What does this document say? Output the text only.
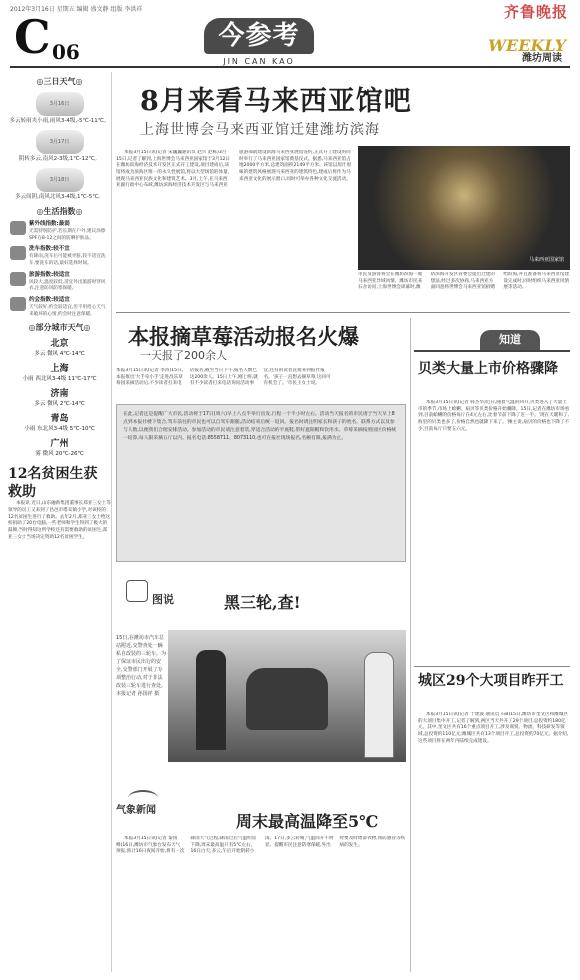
2012年3月16日 星期五 编辑 盛文静 组版 李洪祥	齐鲁晚报
C 06
今参考
JIN CAN KAO
WEEKLY
潍坊周读
◎三日天气◎
3月16日
多云转雨夹小雨,雨风3-4级,-5℃-11℃。
3月17日
阴转多云,南风2-3级,1℃-12℃。
3月18日
多云间阴,南风北风3-4级,1℃-5℃。
◎生活指数◎
紫外线指数:最弱
无需特别防护,若长期在户外,建议涂擦SPF在8-12之间的防晒护肤品。
洗车指数:较不宜
有降雨,洗车后可能被弄脏,较不适宜洗车,要洗车的话,最好选择时间。
旅游指数:较适宜
风较大,温度较低,适宜外出旅游时穿风衣,注意防风防寒保暖。
约会指数:较适宜
天气较好,约会较适宜,但不用担心天气来破坏的心情,约会时注意保暖。
◎部分城市天气◎
北京
多云 微风 4℃-14℃
上海
小雨 西北风3-4级 11℃-17℃
济南
多云 微风 2℃-14℃
青岛
小雨 东北风3-4级 5℃-10℃
广州
雾 微风 20℃-26℃
12名贫困生获救助
本报讯 近日,山东融新集团董事长郑亚三女士等领导的员工又来到了昌邑市塔耳镇小学,对该校的12名贫困生进行了救助。去年2月,郑亚三女士给这校捐助了20台电脑,一些老师和学生得到了极大的鼓舞,当时得知这所学校还有需要救助的贫困生,郑亚三女士当场决定资助12名贫困学生。
8月来看马来西亚馆吧
上海世博会马来西亚馆迁建潍坊滨海
本报3月15日讯(记者 宋巍巍通讯员 赵兴 赵栋)3月15日,记者了解到,上海世博会马来西亚国家馆于3月12日在潍坊滨海经济技术开发区正式开工建设,项目建成后,该馆将成为滨海区唯一的永久性展馆,将以大型场馆的体量,展现马来西亚民族文化和建筑艺术。3月,上午,在马来西亚副行政中心布域,潍坊滨海经济技术开发区与马来西亚旅游部就建设滨海马来西亚展馆签约,正式开工建设的同时举行了马来西亚国家馆奠基仪式。据悉,马来西亚馆占地2000平方米,总建筑面积2149平方米。该馆以原汁原味的建筑风格展现马来西亚的建筑特色,建成后将作为马来西亚文化的展示窗口,同时可举办各种文化交流活动。
马来西亚国家馆
市民及游客将会在潍坊滨海一睹马来西亚异域风情。潍坊市民来石舍访问,上海世博会闭幕时,潍坊滨海开发区管委会提出迁建的想法,经过多次协商,马来西亚方面同意将世博会马来西亚馆捐赠给滨海,并且准备将马来西亚馆建设完成时,同时组织马来西亚风情展等活动。
本报摘草莓活动报名火爆
一天报了200余人
本报3月15日讯(记者 李涛)15日,本报推出'大手牵小手'走进昌乐草莓园采摘活动后,不少读者打来电话报名,截至当日下午,报名人数已达200余人。15日上午,刚上班,就有不少读者打来电话询问活动事宜,还有的读者直接来到报社报名。'孩子一直想去摘草莓,这回可有机会了。'市民王女士说。
在此,记者还是提醒广大市民,活动将于17日(周六)早上八点半举行出发,行程一个半小时左右。活动当天报名的市民请于当天早上8点到本报社楼下集合,驾车前往的市民也可以自驾车跟随,活动结束后统一返回。报名时请注明家长和孩子的姓名、联系方式以及参与人数,以便我们合理安排活动。参加活动的市民请注意着装,穿适合活动的平底鞋,带好遮阳帽和饮用水。草莓采摘按照园区价格统一结算,每人限采摘五斤以内。报名电话:8558711、8073110,也可在报社现场报名,名额有限,报满为止。
知道
贝类大量上市价格骤降
本报3月15日讯(记者 韩杰华)近日,随着气温的回升,贝类进入了大量上市的季节,市场上蛤蜊、扇贝等贝类价格开始骤降。15日,记者在潍坊市场看到,目前蛤蜊的价格每斤在4元左右,比春节前下降了近一半。'现在天暖和了,海里的贝类也多了,价格自然也就降下来了。'摊主说,扇贝的价格也下降了不少,目前每斤只要五六元。
城区29个大项目昨开工
本报3月15日讯(记者 于建波 通讯员 石B)15日,潍坊市奎文区和潍城区的大项目集中开工,记者了解到,两区当天共开工29个项目,总投资约180亿元。其中,奎文区共有16个重点项目开工,涉及商贸、物流、科技研发等领域,总投资约110亿元;潍城区共有13个项目开工,总投资约70亿元。据介绍,这些项目将在两年内陆续完成建设。
图说	黑三轮,查!
15日,在潍坊市汽车总站附近,交警查处一辆私自改装的三轮车。为了保证市民出行的安全,交警部门开展了专项整治行动,对于非法改装三轮车进行查处。本报记者 孙国祥 摄
气象新闻
周末最高温降至5℃
本报3月15日讯(记者 秦国峰)16日,潍坊市气象台发布天气预报,预计16日夜间开始,将有一次降雨天气过程,降雨过后气温明显下降,周末最高温只有5℃左右。16日白天,多云,午后开始阴转小雨。17日,多云转晴,气温回升不明显。提醒市民注意防寒保暖,外出时要及时增添衣物,预防感冒等疾病的发生。
